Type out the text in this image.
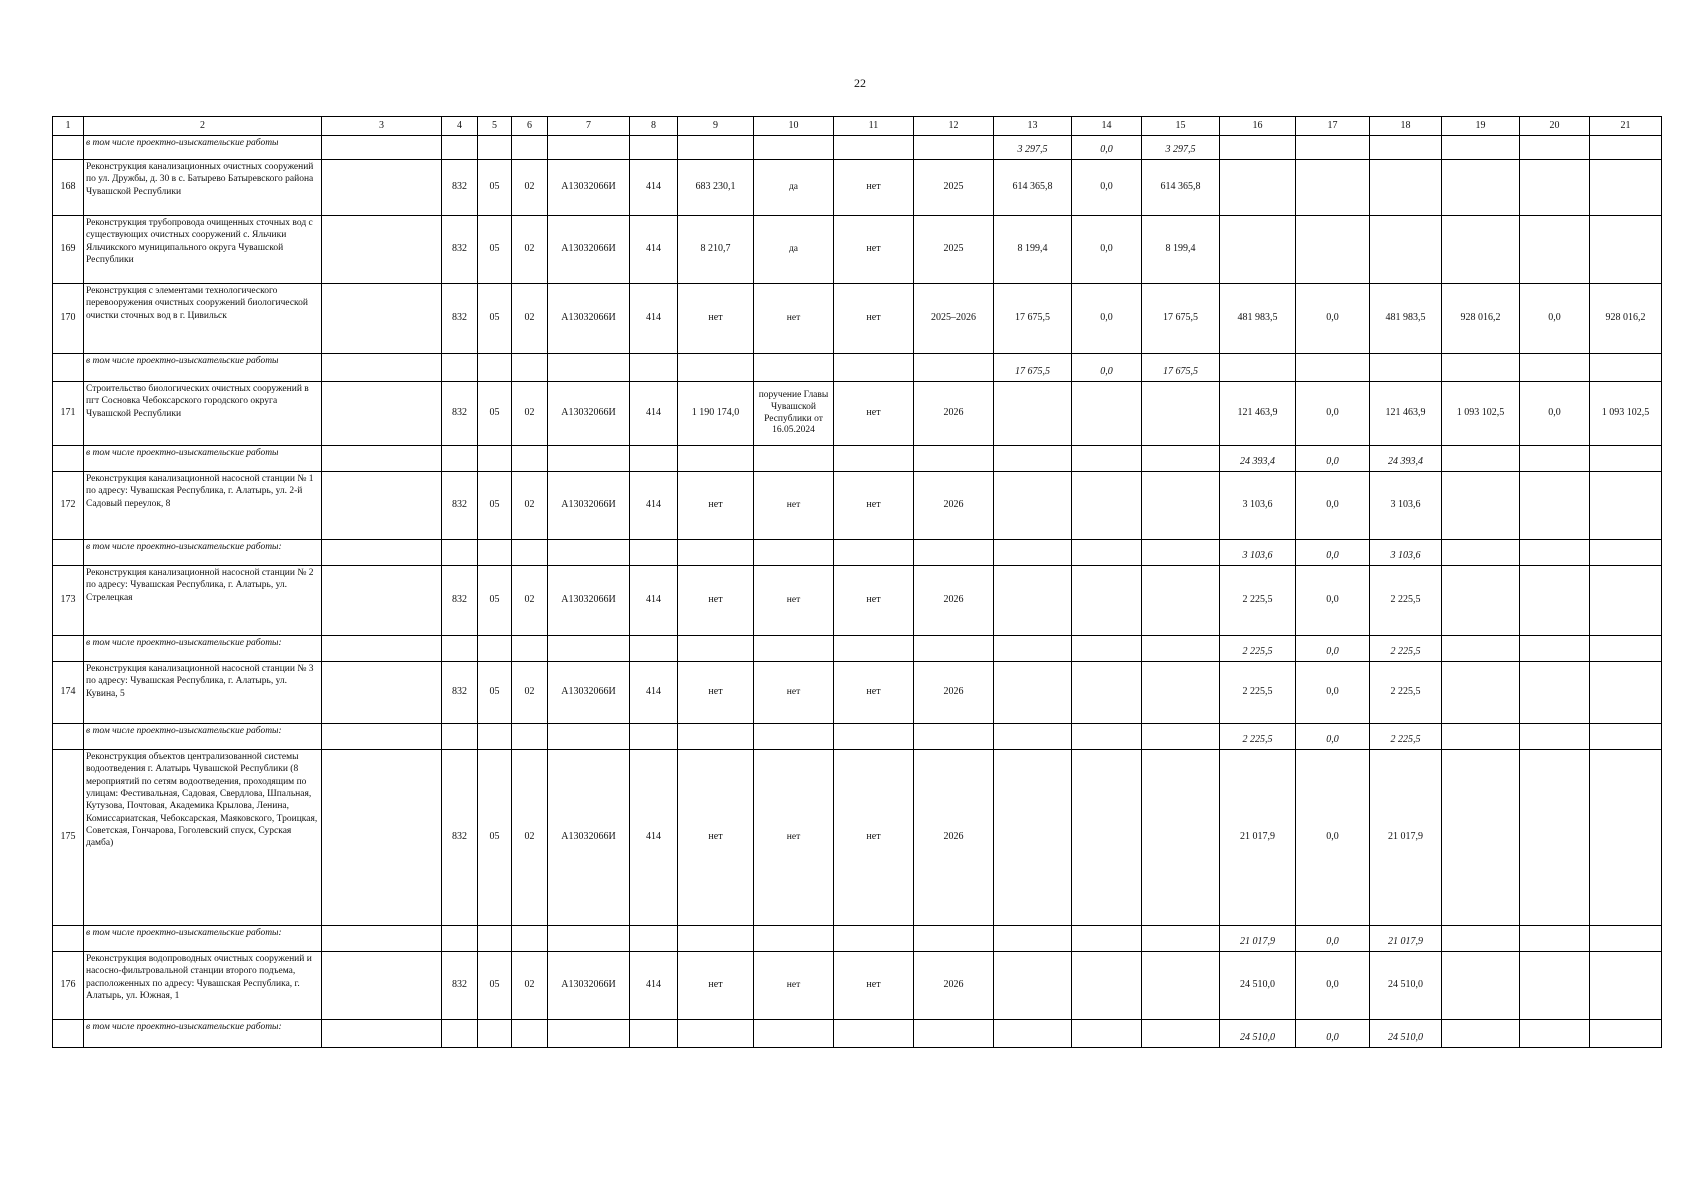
22
1	2	3	4	5	6	7	8	9	10	11	12	13	14	15	16	17	18	19	20	21
	в том числе проектно-изыскательские работы											3 297,5	0,0	3 297,5						
168	Реконструкция канализационных очистных сооружений по ул. Дружбы, д. 30 в с. Батырево Батыревского района Чувашской Республики		832	05	02	А13032066И	414	683 230,1	да	нет	2025	614 365,8	0,0	614 365,8						
169	Реконструкция трубопровода очищенных сточных вод с существующих очистных сооружений с. Яльчики Яльчикского муниципального округа Чувашской Республики		832	05	02	А13032066И	414	8 210,7	да	нет	2025	8 199,4	0,0	8 199,4						
170	Реконструкция с элементами технологического перевооружения очистных сооружений биологической очистки сточных вод в г. Цивильск		832	05	02	А13032066И	414	нет	нет	нет	2025–2026	17 675,5	0,0	17 675,5	481 983,5	0,0	481 983,5	928 016,2	0,0	928 016,2
	в том числе проектно-изыскательские работы											17 675,5	0,0	17 675,5						
171	Строительство биологических очистных сооружений в пгт Сосновка Чебоксарского городского округа Чувашской Республики		832	05	02	А13032066И	414	1 190 174,0	поручение Главы Чувашской Республики от 16.05.2024	нет	2026				121 463,9	0,0	121 463,9	1 093 102,5	0,0	1 093 102,5
	в том числе проектно-изыскательские работы														24 393,4	0,0	24 393,4			
172	Реконструкция канализационной насосной станции № 1 по адресу: Чувашская Республика, г. Алатырь, ул. 2-й Садовый переулок, 8		832	05	02	А13032066И	414	нет	нет	нет	2026				3 103,6	0,0	3 103,6			
	в том числе проектно-изыскательские работы:														3 103,6	0,0	3 103,6			
173	Реконструкция канализационной насосной станции № 2 по адресу: Чувашская Республика, г. Алатырь, ул. Стрелецкая		832	05	02	А13032066И	414	нет	нет	нет	2026				2 225,5	0,0	2 225,5			
	в том числе проектно-изыскательские работы:														2 225,5	0,0	2 225,5			
174	Реконструкция канализационной насосной станции № 3 по адресу: Чувашская Республика, г. Алатырь, ул. Кувина, 5		832	05	02	А13032066И	414	нет	нет	нет	2026				2 225,5	0,0	2 225,5			
	в том числе проектно-изыскательские работы:														2 225,5	0,0	2 225,5			
175	Реконструкция объектов централизованной системы водоотведения г. Алатырь Чувашской Республики (8 мероприятий по сетям водоотведения, проходящим по улицам: Фестивальная, Садовая, Свердлова, Шпальная, Кутузова, Почтовая, Академика Крылова, Ленина, Комиссариатская, Чебоксарская, Маяковского, Троицкая, Советская, Гончарова, Гоголевский спуск, Сурская дамба)		832	05	02	А13032066И	414	нет	нет	нет	2026				21 017,9	0,0	21 017,9			
	в том числе проектно-изыскательские работы:														21 017,9	0,0	21 017,9			
176	Реконструкция водопроводных очистных сооружений и насосно-фильтровальной станции второго подъема, расположенных по адресу: Чувашская Республика, г. Алатырь, ул. Южная, 1		832	05	02	А13032066И	414	нет	нет	нет	2026				24 510,0	0,0	24 510,0			
	в том числе проектно-изыскательские работы:														24 510,0	0,0	24 510,0			
